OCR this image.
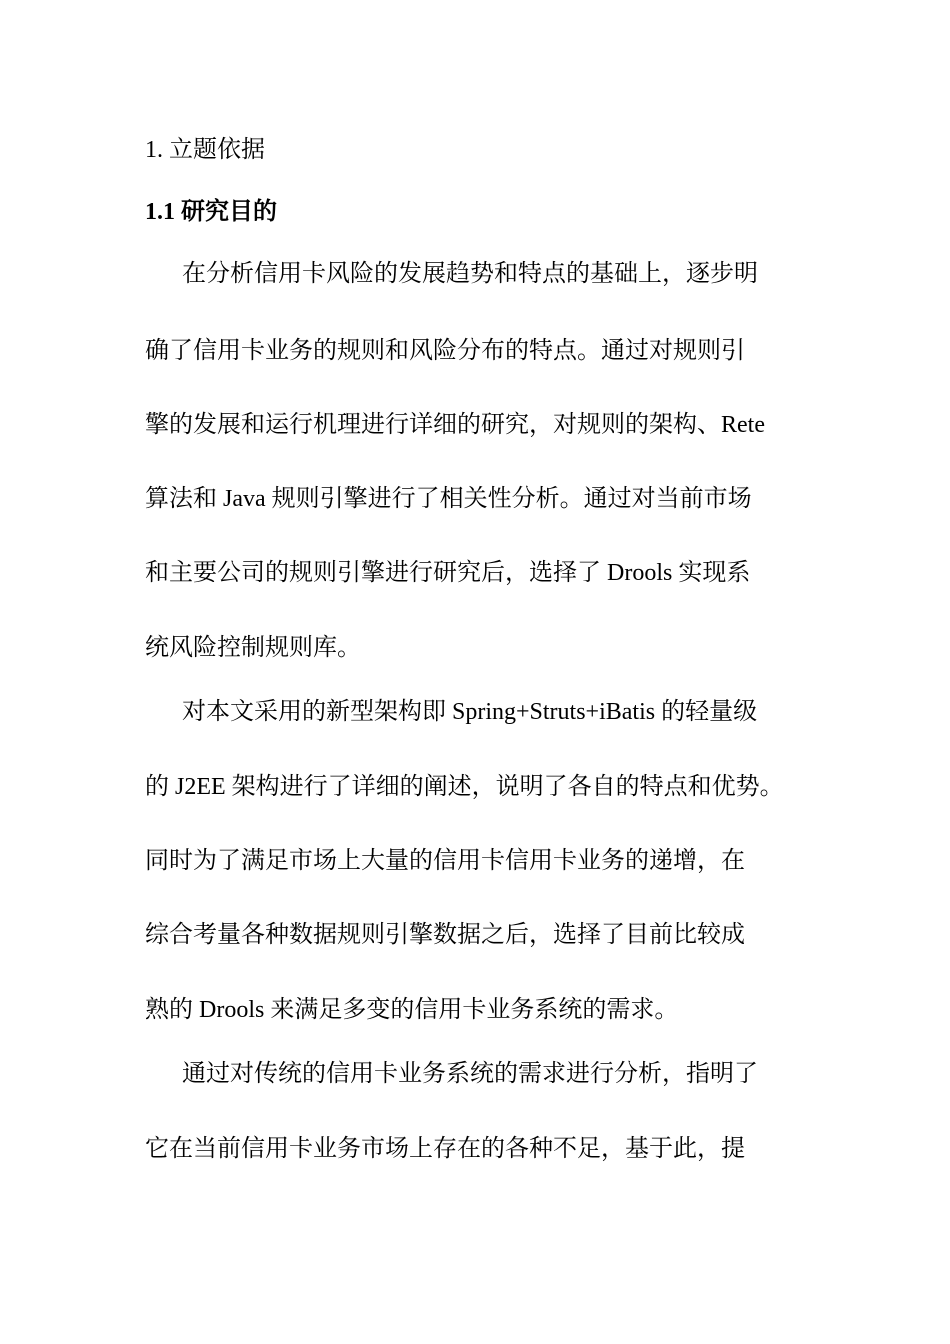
1. 立题依据
1.1 研究目的
在分析信用卡风险的发展趋势和特点的基础上，逐步明
确了信用卡业务的规则和风险分布的特点。通过对规则引
擎的发展和运行机理进行详细的研究，对规则的架构、Rete
算法和 Java 规则引擎进行了相关性分析。通过对当前市场
和主要公司的规则引擎进行研究后，选择了 Drools 实现系
统风险控制规则库。
对本文采用的新型架构即 Spring+Struts+iBatis 的轻量级
的 J2EE 架构进行了详细的阐述，说明了各自的特点和优势。
同时为了满足市场上大量的信用卡信用卡业务的递增，在
综合考量各种数据规则引擎数据之后，选择了目前比较成
熟的 Drools 来满足多变的信用卡业务系统的需求。
通过对传统的信用卡业务系统的需求进行分析，指明了
它在当前信用卡业务市场上存在的各种不足，基于此，提
